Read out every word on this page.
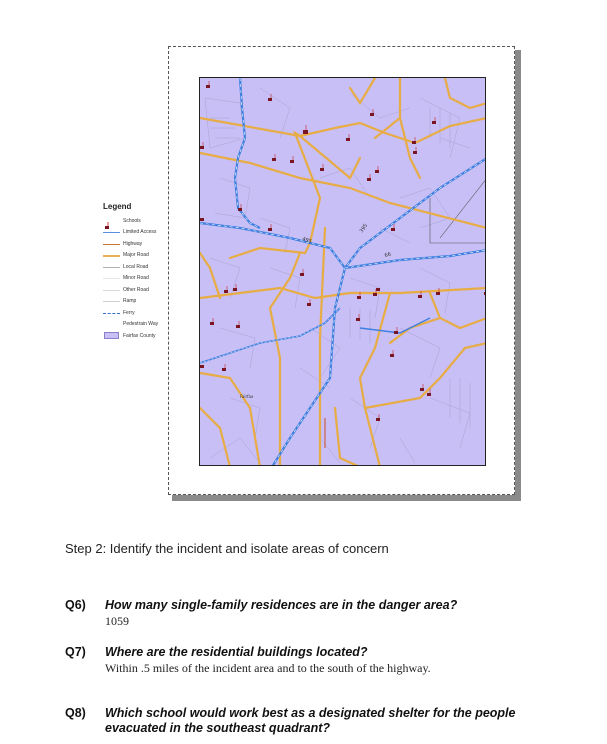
495
395
66
Fairfax
Legend
Schools
Limited Access
Highway
Major Road
Local Road
Minor Road
Other Road
Ramp
Ferry
Pedestrain Way
Fairfax County
Step 2: Identify the incident and isolate areas of concern
Q6) How many single-family residences are in the danger area?
1059
Q7) Where are the residential buildings located?
Within .5 miles of the incident area and to the south of the highway.
Q8) Which school would work best as a designated shelter for the people evacuated in the southeast quadrant?
